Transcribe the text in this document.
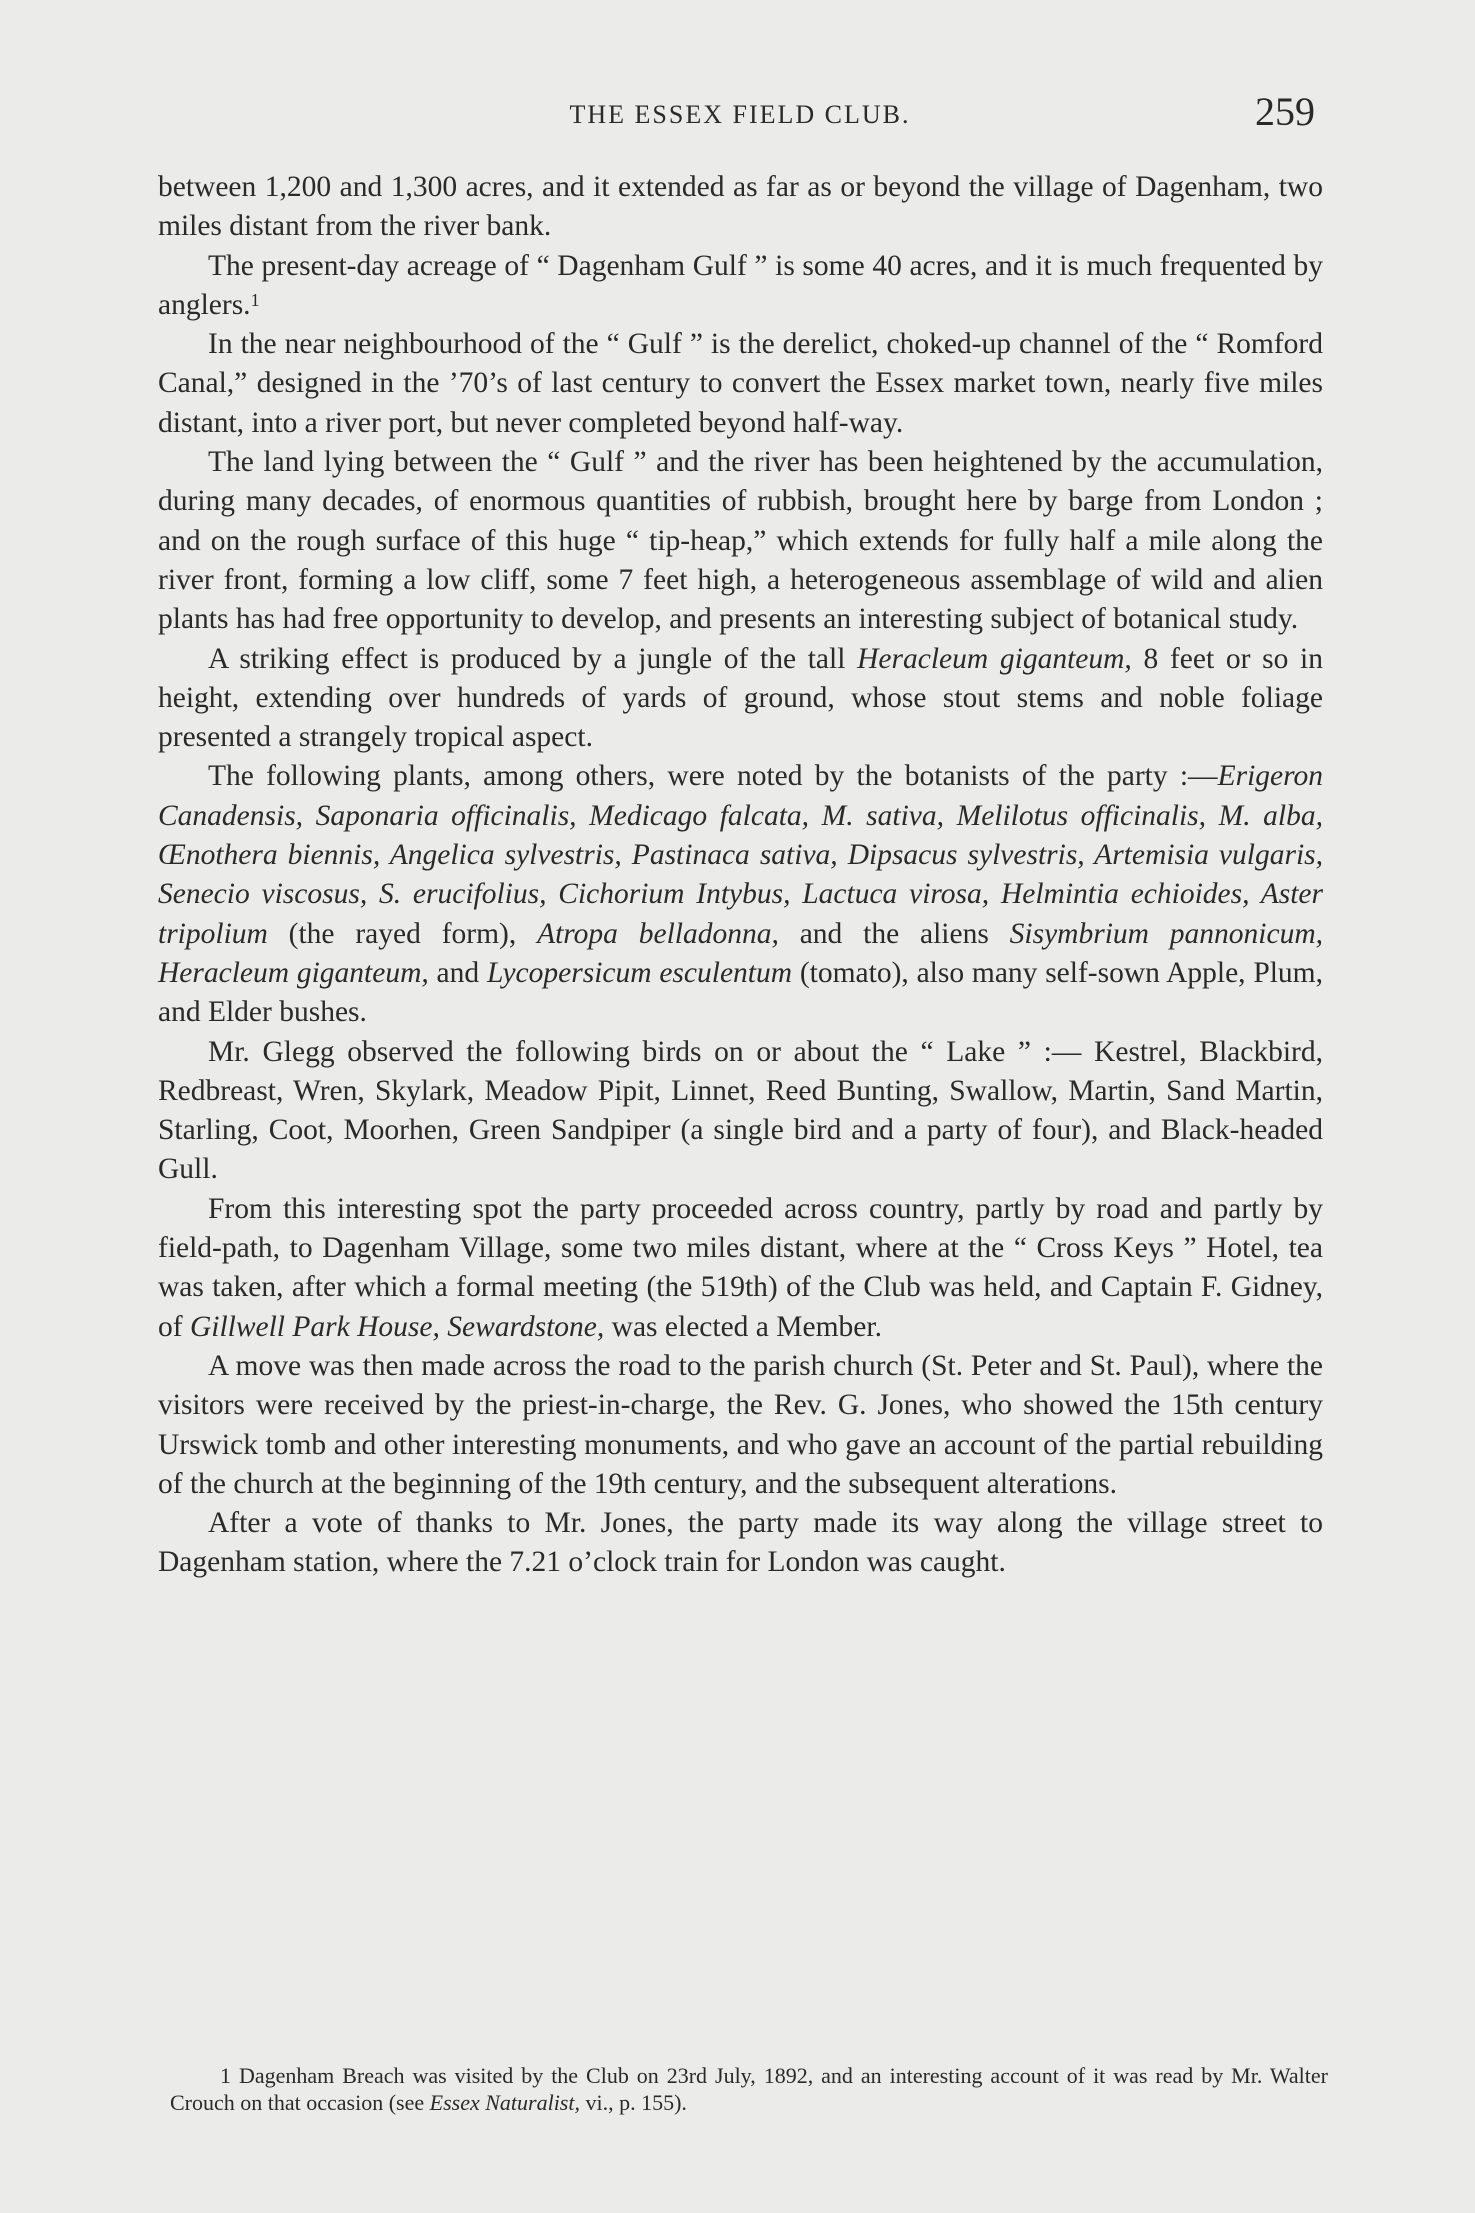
THE ESSEX FIELD CLUB.	259

between 1,200 and 1,300 acres, and it extended as far as or beyond the village of Dagenham, two miles distant from the river bank.

The present-day acreage of “ Dagenham Gulf ” is some 40 acres, and it is much frequented by anglers.$^1$

In the near neighbourhood of the “ Gulf ” is the derelict, choked-up channel of the “ Romford Canal,” designed in the ’70’s of last century to convert the Essex market town, nearly five miles distant, into a river port, but never completed beyond half-way.

The land lying between the “ Gulf ” and the river has been heightened by the accumulation, during many decades, of enormous quantities of rubbish, brought here by barge from London ; and on the rough surface of this huge “ tip-heap,” which extends for fully half a mile along the river front, forming a low cliff, some 7 feet high, a heterogeneous assemblage of wild and alien plants has had free opportunity to develop, and presents an interesting subject of botanical study.

A striking effect is produced by a jungle of the tall Heracleum giganteum, 8 feet or so in height, extending over hundreds of yards of ground, whose stout stems and noble foliage presented a strangely tropical aspect.

The following plants, among others, were noted by the botanists of the party :—Erigeron Canadensis, Saponaria officinalis, Medicago falcata, M. sativa, Melilotus officinalis, M. alba, Œnothera biennis, Angelica sylvestris, Pastinaca sativa, Dipsacus sylvestris, Artemisia vulgaris, Senecio viscosus, S. erucifolius, Cichorium Intybus, Lactuca virosa, Helmintia echioides, Aster tripolium (the rayed form), Atropa belladonna, and the aliens Sisymbrium pannonicum, Heracleum giganteum, and Lycopersicum esculentum (tomato), also many self-sown Apple, Plum, and Elder bushes.

Mr. Glegg observed the following birds on or about the “ Lake ” :— Kestrel, Blackbird, Redbreast, Wren, Skylark, Meadow Pipit, Linnet, Reed Bunting, Swallow, Martin, Sand Martin, Starling, Coot, Moorhen, Green Sandpiper (a single bird and a party of four), and Black-headed Gull.

From this interesting spot the party proceeded across country, partly by road and partly by field-path, to Dagenham Village, some two miles distant, where at the “ Cross Keys ” Hotel, tea was taken, after which a formal meeting (the 519th) of the Club was held, and Captain F. Gidney, of Gillwell Park House, Sewardstone, was elected a Member.

A move was then made across the road to the parish church (St. Peter and St. Paul), where the visitors were received by the priest-in-charge, the Rev. G. Jones, who showed the 15th century Urswick tomb and other interesting monuments, and who gave an account of the partial rebuilding of the church at the beginning of the 19th century, and the subsequent alterations.

After a vote of thanks to Mr. Jones, the party made its way along the village street to Dagenham station, where the 7.21 o’clock train for London was caught.

1 Dagenham Breach was visited by the Club on 23rd July, 1892, and an interesting account of it was read by Mr. Walter Crouch on that occasion (see Essex Naturalist, vi., p. 155).
